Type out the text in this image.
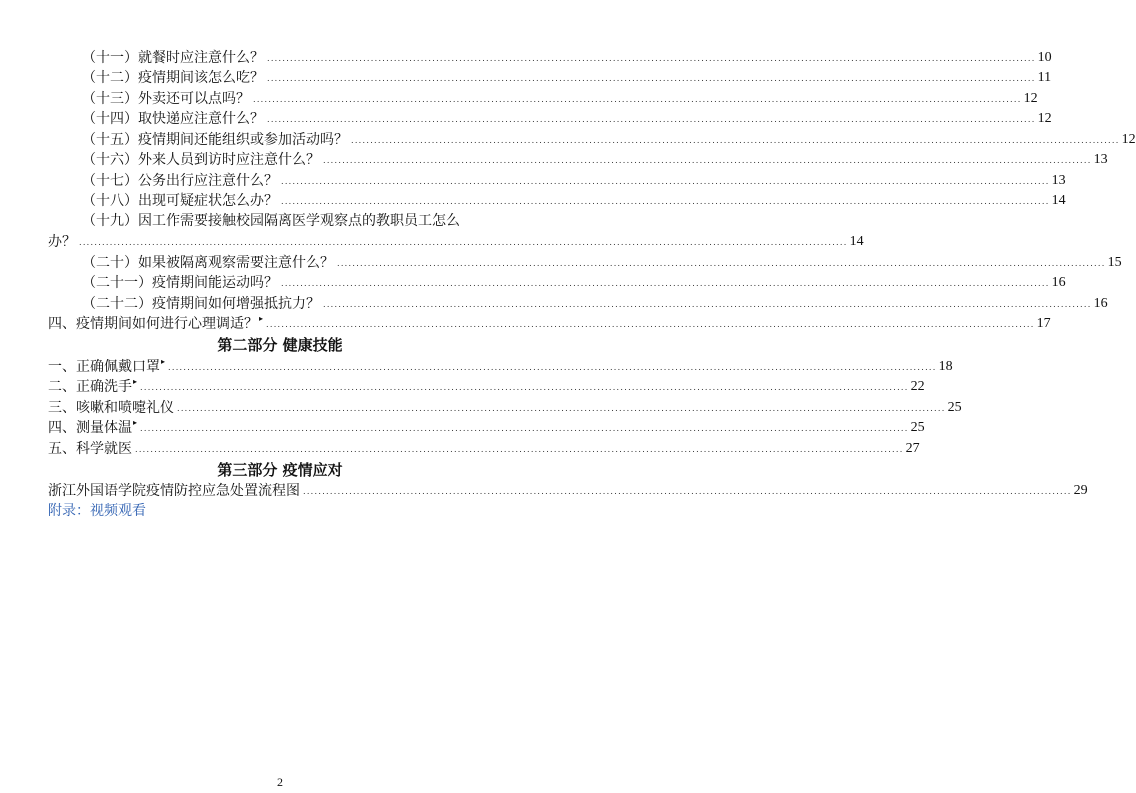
（十一）就餐时应注意什么？ ........................................................................................................................................................................................................ 10
（十二）疫情期间该怎么吃？ ........................................................................................................................................................................................................ 11
（十三）外卖还可以点吗？ ........................................................................................................................................................................................................ 12
（十四）取快递应注意什么？ ........................................................................................................................................................................................................ 12
（十五）疫情期间还能组织或参加活动吗？ ........................................................................................................................................................................................................ 12
（十六）外来人员到访时应注意什么？ ........................................................................................................................................................................................................ 13
（十七）公务出行应注意什么？ ........................................................................................................................................................................................................ 13
（十八）出现可疑症状怎么办？ ........................................................................................................................................................................................................ 14
（十九）因工作需要接触校园隔离医学观察点的教职员工怎么
办？ ........................................................................................................................................................................................................ 14
（二十）如果被隔离观察需要注意什么？ ........................................................................................................................................................................................................ 15
（二十一）疫情期间能运动吗？ ........................................................................................................................................................................................................ 16
（二十二）疫情期间如何增强抵抗力？ ........................................................................................................................................................................................................ 16
四、疫情期间如何进行心理调适？ ▸
........................................................................................................................................................................................................ 17
第二部分 健康技能
一、正确佩戴口罩 ▸
........................................................................................................................................................................................................ 18
二、正确洗手 ▸
........................................................................................................................................................................................................ 22
三、咳嗽和喷嚏礼仪 ........................................................................................................................................................................................................ 25
四、测量体温 ▸
........................................................................................................................................................................................................ 25
五、科学就医 ........................................................................................................................................................................................................ 27
第三部分 疫情应对
浙江外国语学院疫情防控应急处置流程图 ........................................................................................................................................................................................................ 29
附录：视频观看
2
